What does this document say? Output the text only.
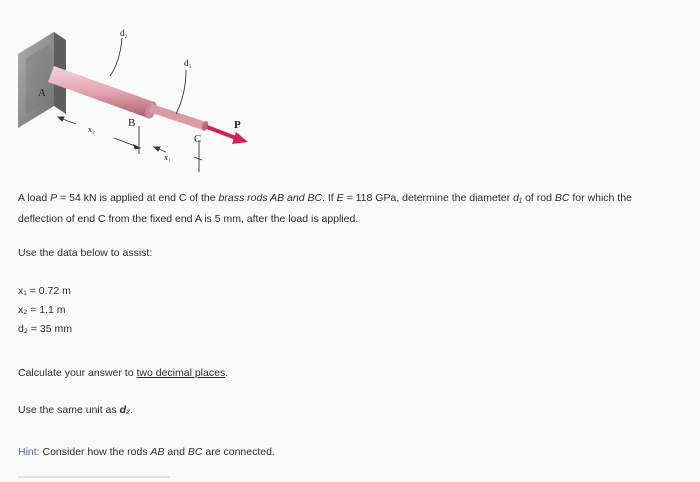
A
B
C
P
d₂
d₁
x₂
x₁
A load P = 54 kN is applied at end C of the brass rods AB and BC. If E = 118 GPa, determine the diameter d₁ of rod BC for which the deflection of end C from the fixed end A is 5 mm, after the load is applied.
Use the data below to assist:
x₁ = 0.72 m
x₂ = 1.1 m
d₂ = 35 mm
Calculate your answer to two decimal places.
Use the same unit as d₂.
Hint: Consider how the rods AB and BC are connected.
